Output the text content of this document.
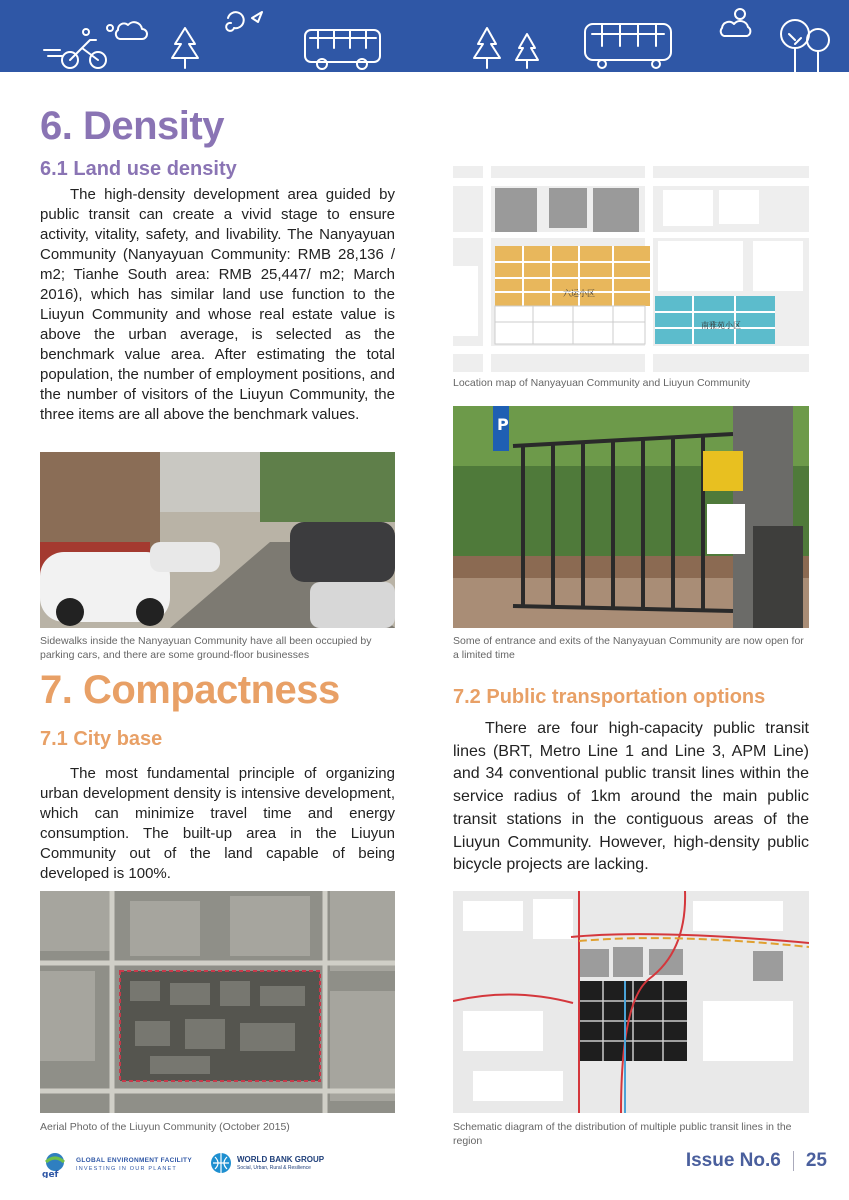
6. Density
6.1 Land use density
The high-density development area guided by public transit can create a vivid stage to ensure activity, vitality, safety, and livability. The Nanyayuan Community (Nanyayuan Community: RMB 28,136 / m2; Tianhe South area: RMB 25,447/ m2; March 2016), which has similar land use function to the Liuyun Community and whose real estate value is above the urban average, is selected as the benchmark value area. After estimating the total population, the number of employment positions, and the number of visitors of the Liuyun Community, the three items are all above the benchmark values.
六运小区
南雅苑小区
Location map of Nanyayuan Community and Liuyun Community
P
Some of entrance and exits of the Nanyayuan Community are now open for a limited time
Sidewalks inside the Nanyayuan Community have all been occupied by parking cars, and there are some ground-floor businesses
7. Compactness
7.1 City base
The most fundamental principle of organizing urban development density is intensive development, which can minimize travel time and energy consumption. The built-up area in the Liuyun Community out of the land capable of being developed is 100%.
7.2 Public transportation options
There are four high-capacity public transit lines (BRT, Metro Line 1 and Line 3, APM Line) and 34 conventional public transit lines within the service radius of 1km around the main public transit stations in the contiguous areas of the Liuyun Community. However, high-density public bicycle projects are lacking.
Aerial Photo of the Liuyun Community (October 2015)	Schematic diagram of the distribution of multiple public transit lines in the region
gef
GLOBAL ENVIRONMENT FACILITY
INVESTING IN OUR PLANET
WORLD BANK GROUP
Social, Urban, Rural & Resilience	Issue No.6 25
